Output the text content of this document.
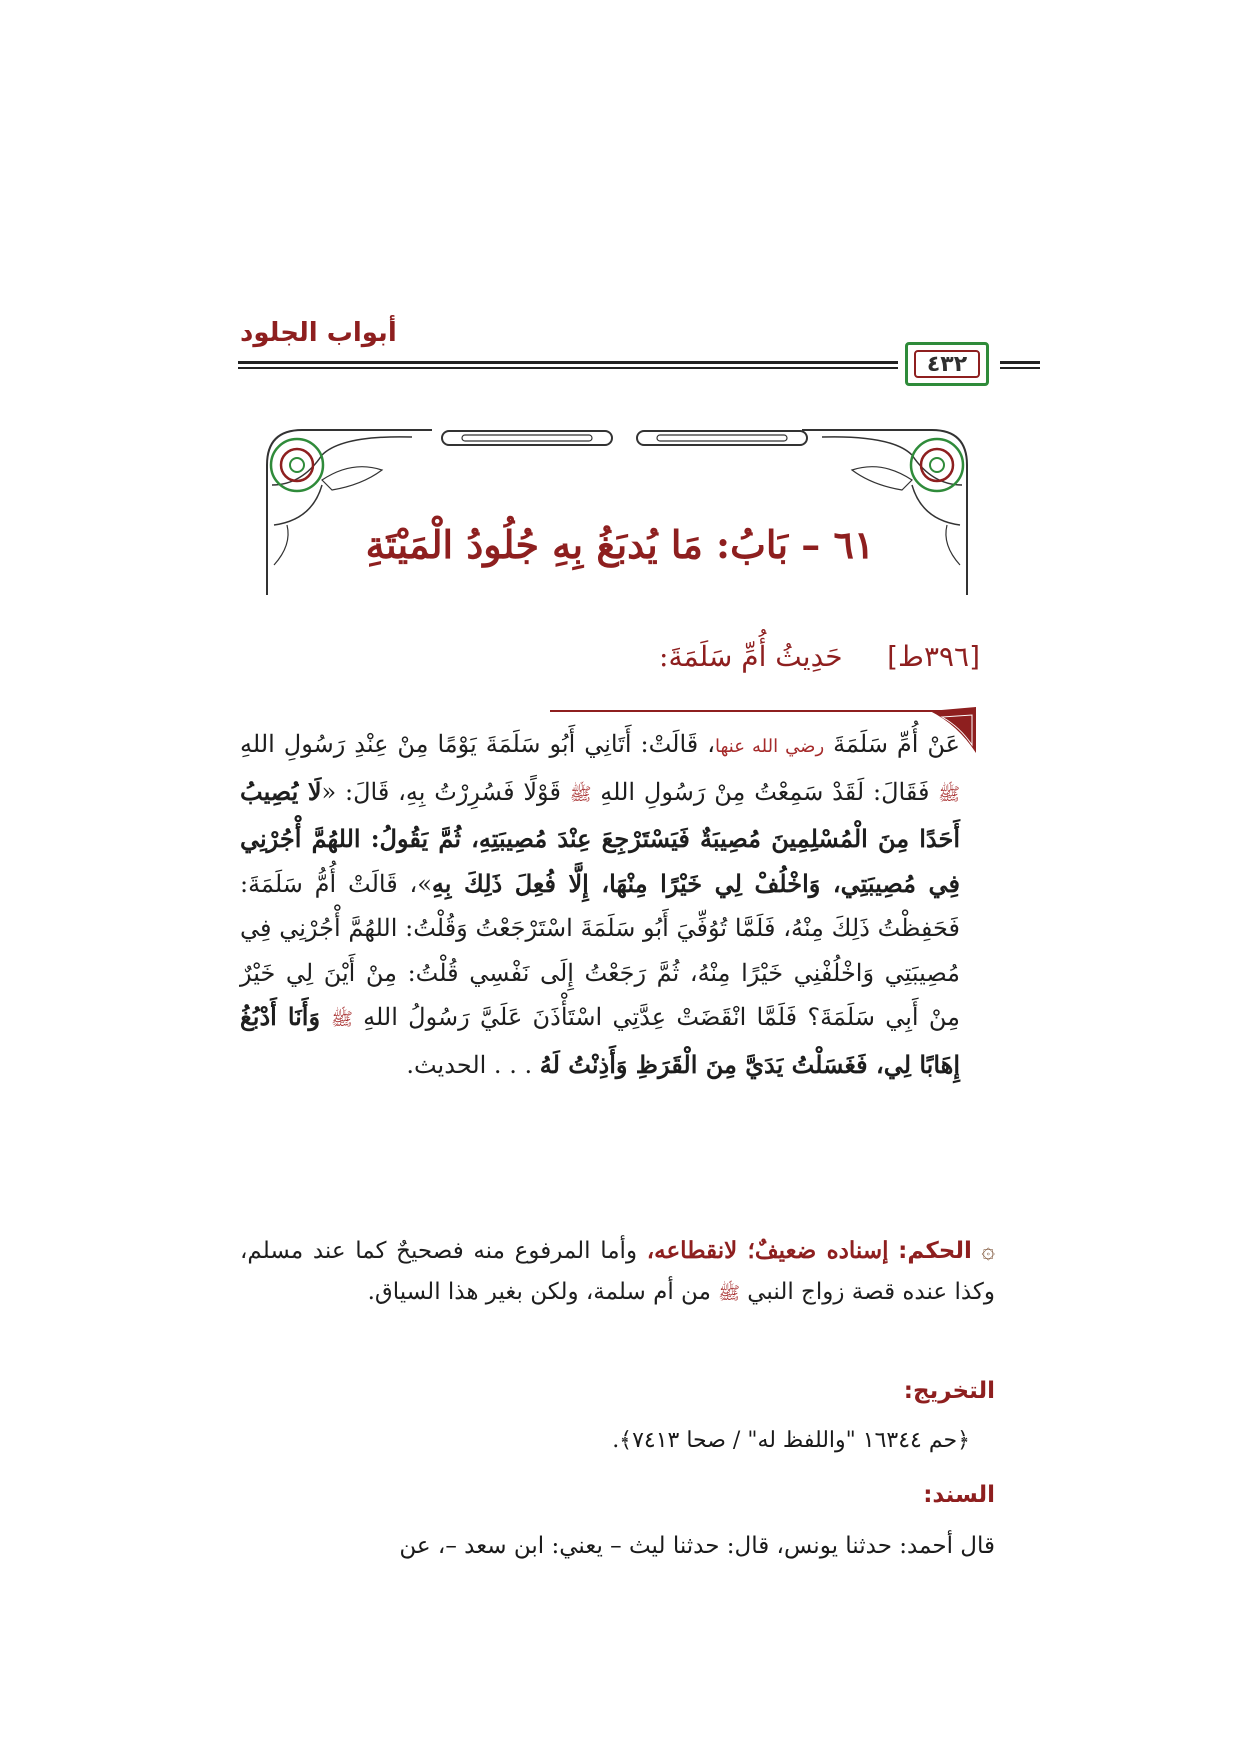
أبواب الجلود
٤٣٢
٦١ – بَابُ: مَا يُدبَغُ بِهِ جُلُودُ الْمَيْتَةِ
[٣٩٦ط]     حَدِيثُ أُمِّ سَلَمَةَ:
عَنْ أُمِّ سَلَمَةَ رضي الله عنها، قَالَتْ: أَتَانِي أَبُو سَلَمَةَ يَوْمًا مِنْ عِنْدِ رَسُولِ اللهِ ﷺ فَقَالَ: لَقَدْ سَمِعْتُ مِنْ رَسُولِ اللهِ ﷺ قَوْلًا فَسُرِرْتُ بِهِ، قَالَ: «لَا يُصِيبُ أَحَدًا مِنَ الْمُسْلِمِينَ مُصِيبَةٌ فَيَسْتَرْجِعَ عِنْدَ مُصِيبَتِهِ، ثُمَّ يَقُولُ: اللهُمَّ أْجُرْنِي فِي مُصِيبَتِي، وَاخْلُفْ لِي خَيْرًا مِنْهَا، إِلَّا فُعِلَ ذَلِكَ بِهِ»، قَالَتْ أُمُّ سَلَمَةَ: فَحَفِظْتُ ذَلِكَ مِنْهُ، فَلَمَّا تُوُفِّيَ أَبُو سَلَمَةَ اسْتَرْجَعْتُ وَقُلْتُ: اللهُمَّ أْجُرْنِي فِي مُصِيبَتِي وَاخْلُفْنِي خَيْرًا مِنْهُ، ثُمَّ رَجَعْتُ إِلَى نَفْسِي قُلْتُ: مِنْ أَيْنَ لِي خَيْرٌ مِنْ أَبِي سَلَمَةَ؟ فَلَمَّا انْقَضَتْ عِدَّتِي اسْتَأْذَنَ عَلَيَّ رَسُولُ اللهِ ﷺ وَأَنَا أَدْبُغُ إِهَابًا لِي، فَغَسَلْتُ يَدَيَّ مِنَ الْقَرَظِ وَأَذِنْتُ لَهُ . . . الحديث.
۞ الحكم: إسناده ضعيفٌ؛ لانقطاعه، وأما المرفوع منه فصحيحٌ كما عند مسلم، وكذا عنده قصة زواج النبي ﷺ من أم سلمة، ولكن بغير هذا السياق.
التخريج:
﴿حم ١٦٣٤٤ "واللفظ له" / صحا ٧٤١٣﴾.
السند:
قال أحمد: حدثنا يونس، قال: حدثنا ليث – يعني: ابن سعد –، عن
